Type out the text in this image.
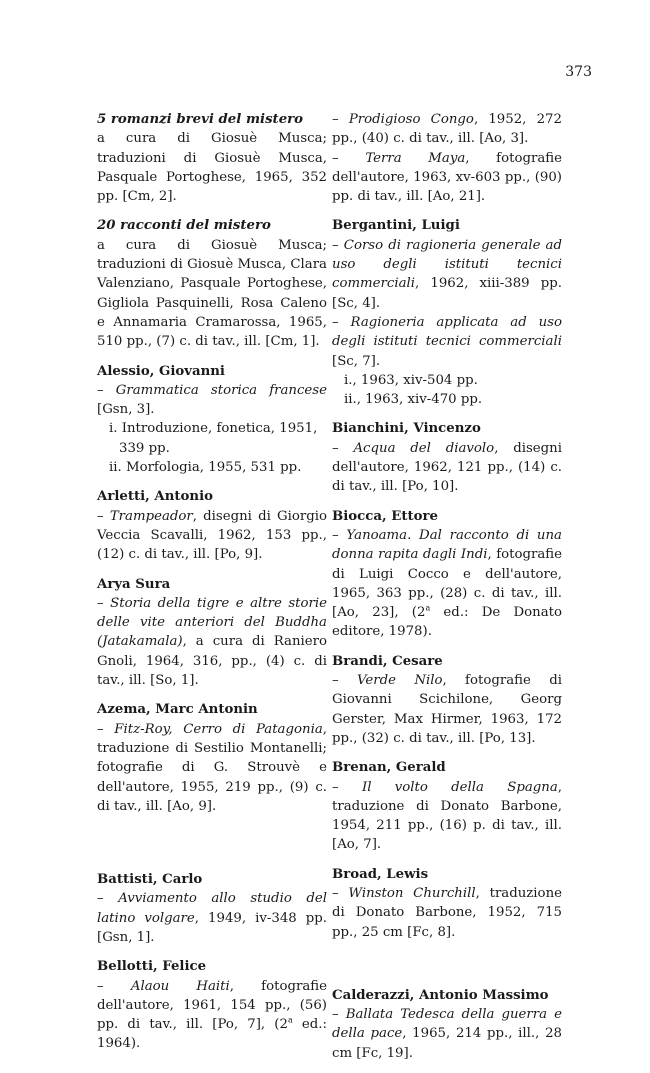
373
5 romanzi brevi del mistero
a cura di Giosuè Musca; traduzioni di Giosuè Musca, Pasquale Portoghese, 1965, 352 pp. [Cm, 2].
20 racconti del mistero
a cura di Giosuè Musca; traduzioni di Giosuè Musca, Clara Valenziano, Pasquale Portoghese, Gigliola Pasquinelli, Rosa Caleno e Annamaria Cramarossa, 1965, 510 pp., (7) c. di tav., ill. [Cm, 1].
Alessio, Giovanni
– Grammatica storica francese [Gsn, 3].
i. Introduzione, fonetica, 1951,
339 pp.
ii. Morfologia, 1955, 531 pp.
Arletti, Antonio
– Trampeador, disegni di Giorgio Veccia Scavalli, 1962, 153 pp., (12) c. di tav., ill. [Po, 9].
Arya Sura
– Storia della tigre e altre storie delle vite anteriori del Buddha (Jatakamala), a cura di Raniero Gnoli, 1964, 316, pp., (4) c. di tav., ill. [So, 1].
Azema, Marc Antonin
– Fitz-Roy, Cerro di Patagonia, traduzione di Sestilio Montanelli; fotografie di G. Strouvè e dell'autore, 1955, 219 pp., (9) c. di tav., ill. [Ao, 9].
Battisti, Carlo
– Avviamento allo studio del latino volgare, 1949, iv-348 pp. [Gsn, 1].
Bellotti, Felice
– Alaou Haiti, fotografie dell'autore, 1961, 154 pp., (56) pp. di tav., ill. [Po, 7], (2$^a$ ed.: 1964).
– Prodigioso Congo, 1952, 272 pp., (40) c. di tav., ill. [Ao, 3].
– Terra Maya, fotografie dell'autore, 1963, xv-603 pp., (90) pp. di tav., ill. [Ao, 21].
Bergantini, Luigi
– Corso di ragioneria generale ad uso degli istituti tecnici commerciali, 1962, xiii-389 pp. [Sc, 4].
– Ragioneria applicata ad uso degli istituti tecnici commerciali [Sc, 7].
i., 1963, xiv-504 pp.
ii., 1963, xiv-470 pp.
Bianchini, Vincenzo
– Acqua del diavolo, disegni dell'autore, 1962, 121 pp., (14) c. di tav., ill. [Po, 10].
Biocca, Ettore
– Yanoama. Dal racconto di una donna rapita dagli Indi, fotografie di Luigi Cocco e dell'autore, 1965, 363 pp., (28) c. di tav., ill. [Ao, 23], (2$^a$ ed.: De Donato editore, 1978).
Brandi, Cesare
– Verde Nilo, fotografie di Giovanni Scichilone, Georg Gerster, Max Hirmer, 1963, 172 pp., (32) c. di tav., ill. [Po, 13].
Brenan, Gerald
– Il volto della Spagna, traduzione di Donato Barbone, 1954, 211 pp., (16) p. di tav., ill. [Ao, 7].
Broad, Lewis
– Winston Churchill, traduzione di Donato Barbone, 1952, 715 pp., 25 cm [Fc, 8].
Calderazzi, Antonio Massimo
– Ballata Tedesca della guerra e della pace, 1965, 214 pp., ill., 28 cm [Fc, 19].
